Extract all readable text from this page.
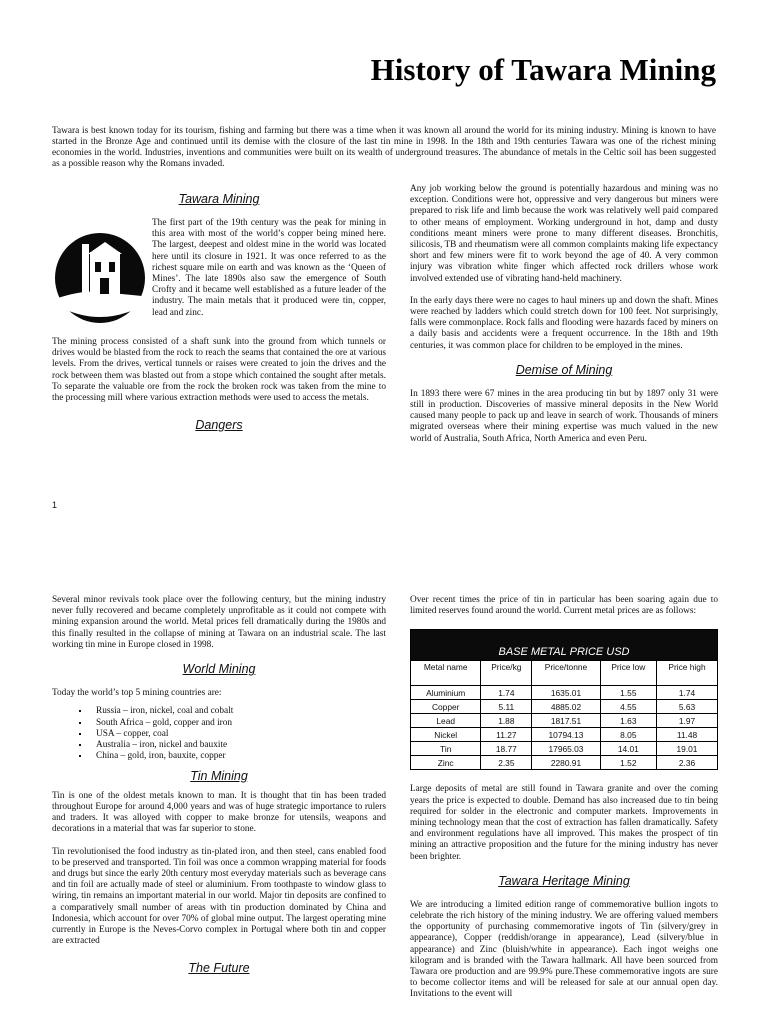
History of Tawara Mining

Tawara is best known today for its tourism, fishing and farming but there was a time when it was known all around the world for its mining industry. Mining is known to have started in the Bronze Age and continued until its demise with the closure of the last tin mine in 1998. In the 18th and 19th centuries Tawara was one of the richest mining economies in the world. Industries, inventions and communities were built on its wealth of underground treasures. The abundance of metals in the Celtic soil has been suggested as a possible reason why the Romans invaded.

Tawara Mining

The first part of the 19th century was the peak for mining in this area with most of the world’s copper being mined here. The largest, deepest and oldest mine in the world was located here until its closure in 1921. It was once referred to as the richest square mile on earth and was known as the ‘Queen of Mines’. The late 1890s also saw the emergence of South Crofty and it became well established as a future leader of the industry. The main metals that it produced were tin, copper, lead and zinc.

The mining process consisted of a shaft sunk into the ground from which tunnels or drives would be blasted from the rock to reach the seams that contained the ore at various levels. From the drives, vertical tunnels or raises were created to join the drives and the rock between them was blasted out from a stope which contained the sought after metals. To separate the valuable ore from the rock the broken rock was taken from the mine to the processing mill where various extraction methods were used to access the metals.

Dangers

Any job working below the ground is potentially hazardous and mining was no exception. Conditions were hot, oppressive and very dangerous but miners were prepared to risk life and limb because the work was relatively well paid compared to other means of employment. Working underground in hot, damp and dusty conditions meant miners were prone to many different diseases. Bronchitis, silicosis, TB and rheumatism were all common complaints making life expectancy short and few miners were fit to work beyond the age of 40. A very common injury was vibration white finger which affected rock drillers whose work involved extended use of vibrating hand-held machinery.

In the early days there were no cages to haul miners up and down the shaft. Mines were reached by ladders which could stretch down for 100 feet. Not surprisingly, falls were commonplace. Rock falls and flooding were hazards faced by miners on a daily basis and accidents were a frequent occurrence. In the 18th and 19th centuries, it was common place for children to be employed in the mines.

Demise of Mining

In 1893 there were 67 mines in the area producing tin but by 1897 only 31 were still in production. Discoveries of massive mineral deposits in the New World caused many people to pack up and leave in search of work. Thousands of miners migrated overseas where their mining expertise was much valued in the new world of Australia, South Africa, North America and even Peru.

1

Several minor revivals took place over the following century, but the mining industry never fully recovered and became completely unprofitable as it could not compete with mining expansion around the world. Metal prices fell dramatically during the 1980s and this finally resulted in the collapse of mining at Tawara on an industrial scale. The last working tin mine in Europe closed in 1998.

World Mining

Today the world’s top 5 mining countries are:

▪ Russia – iron, nickel, coal and cobalt
▪ South Africa – gold, copper and iron
▪ USA – copper, coal
▪ Australia – iron, nickel and bauxite
▪ China – gold, iron, bauxite, copper
Tin Mining

Tin is one of the oldest metals known to man. It is thought that tin has been traded throughout Europe for around 4,000 years and was of huge strategic importance to rulers and traders. It was alloyed with copper to make bronze for utensils, weapons and decorations in a material that was far superior to stone.

Tin revolutionised the food industry as tin-plated iron, and then steel, cans enabled food to be preserved and transported. Tin foil was once a common wrapping material for foods and drugs but since the early 20th century most everyday materials such as beverage cans and tin foil are actually made of steel or aluminium. From toothpaste to window glass to wiring, tin remains an important material in our world. Major tin deposits are confined to a comparatively small number of areas with tin production dominated by China and Indonesia, which account for over 70% of global mine output. The largest operating mine currently in Europe is the Neves-Corvo complex in Portugal where both tin and copper are extracted

The Future

Over recent times the price of tin in particular has been soaring again due to limited reserves found around the world. Current metal prices are as follows:

BASE METAL PRICE USD				
Metal name	Price/kg	Price/tonne	Price low	Price high
Aluminium	1.74	1635.01	1.55	1.74
Copper	5.11	4885.02	4.55	5.63
Lead	1.88	1817.51	1.63	1.97
Nickel	11.27	10794.13	8.05	11.48
Tin	18.77	17965.03	14.01	19.01
Zinc	2.35	2280.91	1.52	2.36

Large deposits of metal are still found in Tawara granite and over the coming years the price is expected to double. Demand has also increased due to tin being required for solder in the electronic and computer markets. Improvements in mining technology mean that the cost of extraction has fallen dramatically. Safety and environment regulations have all improved. This makes the prospect of tin mining an attractive proposition and the future for the mining industry has never been brighter.

Tawara Heritage Mining

We are introducing a limited edition range of commemorative bullion ingots to celebrate the rich history of the mining industry. We are offering valued members the opportunity of purchasing commemorative ingots of Tin (silvery/grey in appearance), Copper (reddish/orange in appearance), Lead (silvery/blue in appearance) and Zinc (bluish/white in appearance). Each ingot weighs one kilogram and is branded with the Tawara hallmark. All have been sourced from Tawara ore production and are 99.9% pure.These commemorative ingots are sure to become collector items and will be released for sale at our annual open day. Invitations to the event will
